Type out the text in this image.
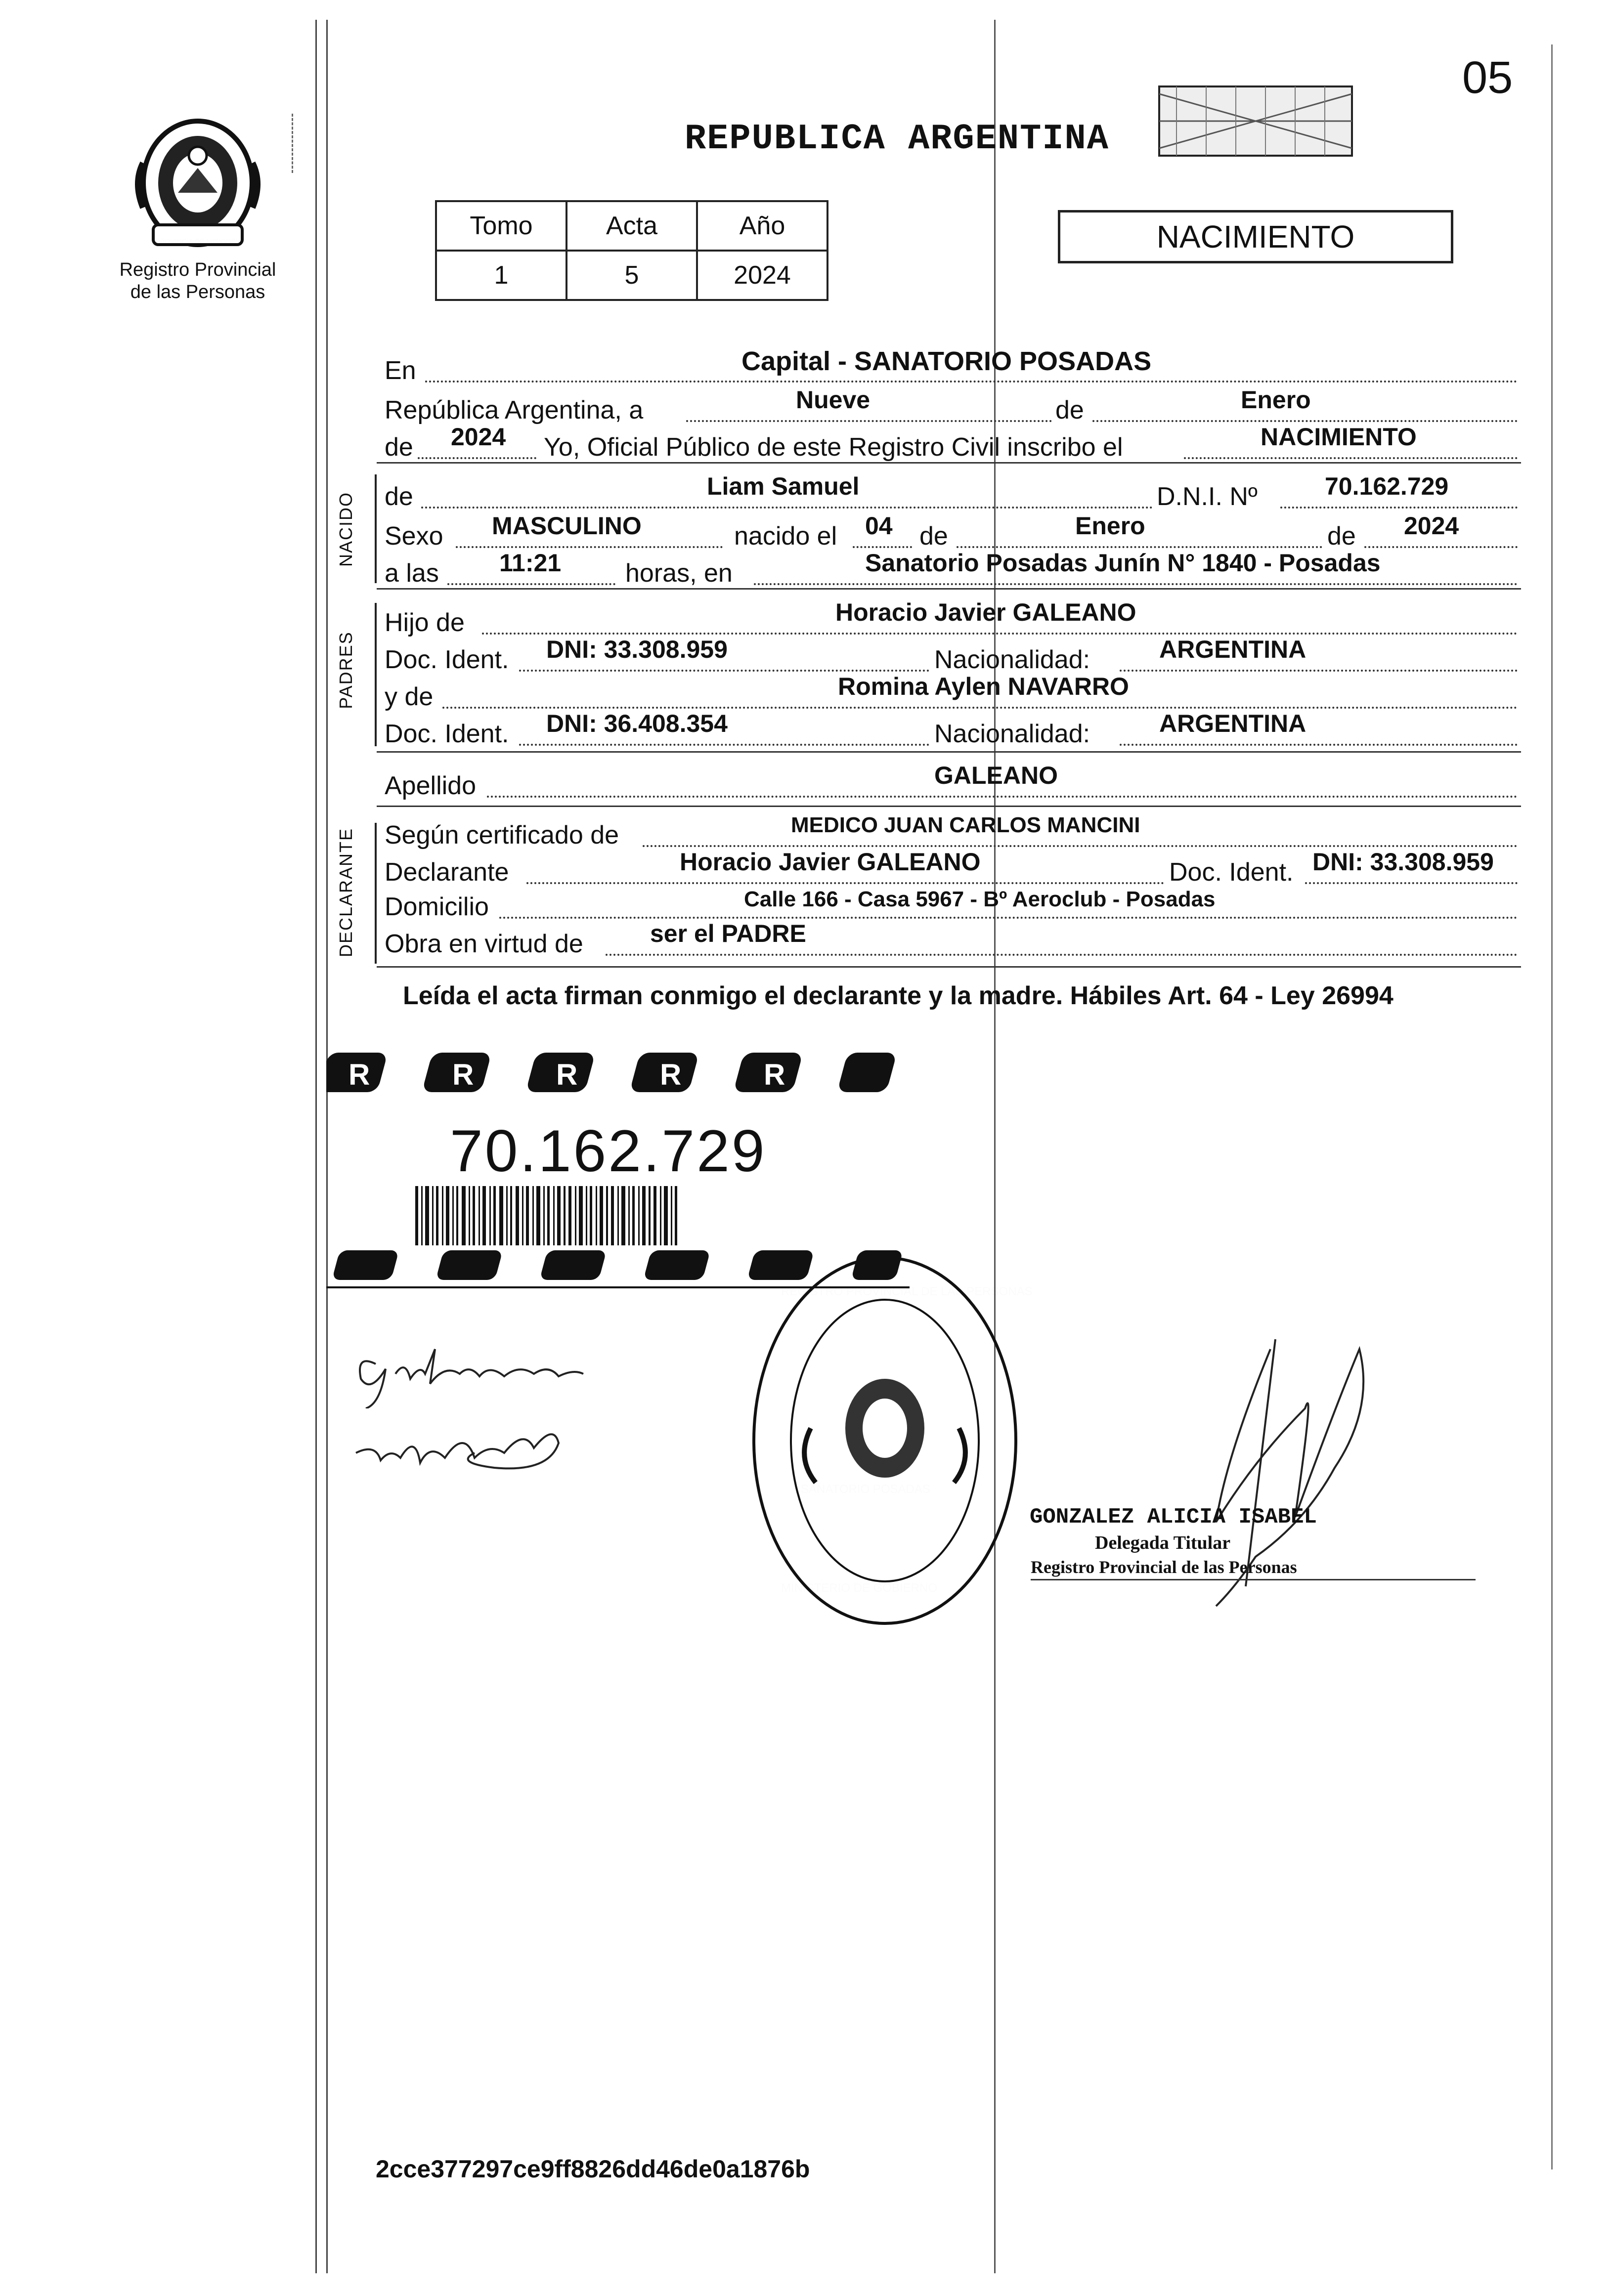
05
Registro Provincial
de las Personas
REPUBLICA ARGENTINA
Tomo	Acta	Año
1	5	2024
NACIMIENTO
En	Capital - SANATORIO POSADAS
República Argentina, a	Nueve	de	Enero
de 2024 Yo, Oficial Público de este Registro Civil inscribo el	NACIMIENTO
NACIDO de	Liam Samuel	D.N.I. Nº	70.162.729
Sexo MASCULINO	nacido el 04 de	Enero	de 2024
a las 11:21 horas, en	Sanatorio Posadas Junín N° 1840 - Posadas
PADRES
Hijo de	Horacio Javier GALEANO
Doc. Ident. DNI: 33.308.959	Nacionalidad:	ARGENTINA
y de	Romina Aylen NAVARRO
Doc. Ident. DNI: 36.408.354	Nacionalidad:	ARGENTINA
Apellido	GALEANO
DECLARANTE Según certificado de	MEDICO JUAN CARLOS MANCINI
Declarante	Horacio Javier GALEANO	Doc. Ident. DNI: 33.308.959
Domicilio	Calle 166 - Casa 5967 - Bº Aeroclub - Posadas
Obra en virtud de	ser el PADRE
Leída el acta firman conmigo el declarante y la madre. Hábiles Art. 64 - Ley 26994
R	R	R	R	R
70.162.729
GONZALEZ ALICIA ISABEL
Delegada Titular
Registro Provincial de las Personas
2cce377297ce9ff8826dd46de0a1876b
